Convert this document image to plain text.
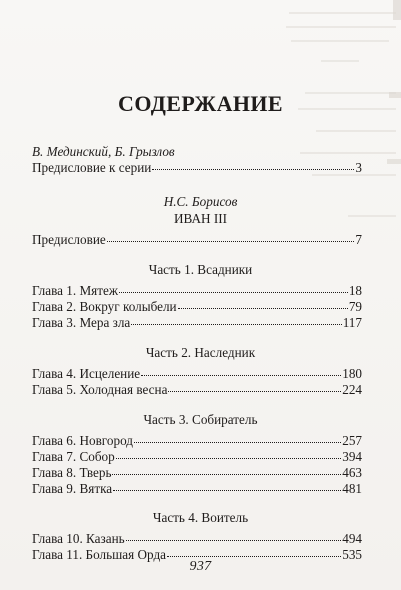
СОДЕРЖАНИЕ
В. Мединский, Б. Грызлов
Предисловие к серии	3
Н.С. Борисов
ИВАН III
Предисловие	7
Часть 1. Всадники
Глава 1. Мятеж	18
Глава 2. Вокруг колыбели	79
Глава 3. Мера зла	117
Часть 2. Наследник
Глава 4. Исцеление	180
Глава 5. Холодная весна	224
Часть 3. Собиратель
Глава 6. Новгород	257
Глава 7. Собор	394
Глава 8. Тверь	463
Глава 9. Вятка	481
Часть 4. Воитель
Глава 10. Казань	494
Глава 11. Большая Орда	535
937
